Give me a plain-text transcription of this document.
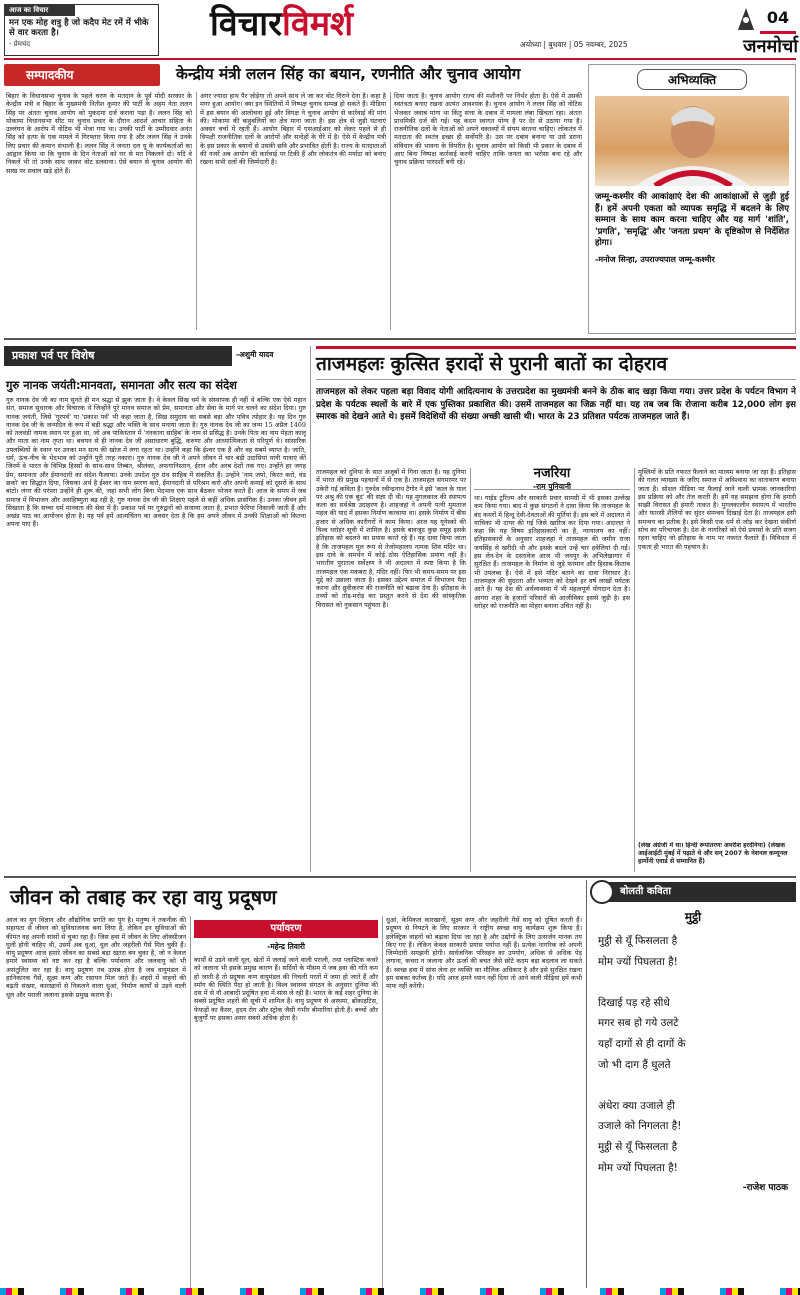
आज का विचार
मन एक मोह शत्रु है जो कदैप मेट रमें में भीके से वार करता है।
- प्रेमचंद	विचारविमर्श
अयोध्या | बुधवार | 05 नवम्बर, 2025
04
जनमोर्चा
सम्पादकीय	केन्द्रीय मंत्री ललन सिंह का बयान, रणनीति और चुनाव आयोग
बिहार के विधानसभा चुनाव के पहले चरण के मतदान के पूर्व मोदी सरकार के केन्द्रीय मंत्री व बिहार के मुख्यमंत्री नितीश कुमार की पार्टी के अहम नेता ललन सिंह पर अंततः चुनाव आयोग को मुकदमा दर्ज कराना पड़ा है। ललन सिंह को मोकामा विधानसभा सीट पर चुनाव प्रचार के दौरान आदर्श आचार संहिता के उल्लंघन के आरोप में नोटिस भी भेजा गया था। उनकी पार्टी के उम्मीदवार अनंत सिंह को हत्या के एक मामले में गिरफ्तार किया गया है और ललन सिंह ने उनके लिए प्रचार की कमान संभाली है। ललन सिंह ने जनता दल यू के कार्यकर्ताओं का आह्वान किया था कि चुनाव के दिन नेताओं को घर से मत निकलने दो। यदि वे निकलें भी तो उनके साथ जाकर वोट डलवाना। ऐसे बयान से चुनाव आयोग की साख पर सवाल खड़े होते हैं।
अगर ज्यादा हाथ पैर जोड़ेगा तो अपने साथ ले जा कर वोट गिराने देना है। कहा है मगर हुआ आयोग। क्या इन स्थितियों में निष्पक्ष चुनाव सम्पन्न हो सकते हैं। मीडिया में इस बयान की आलोचना हुई और विपक्ष ने चुनाव आयोग से कार्रवाई की मांग की। मोकामा की बाहुबलियों का क्षेत्र माना जाता है। इस क्षेत्र से जुड़ी घटनाएं अक्सर चर्चा में रहती हैं। आयोग बिहार में एसआईआर को लेकर पहले से ही विपक्षी राजनीतिक दलों के आरोपों और सन्देहों के घेरे में है। ऐसे में केन्द्रीय मंत्री के इस प्रकार के बयानों से उसकी छवि और प्रभावित होती है। राज्य के मतदाताओं की नजरें अब आयोग की कार्रवाई पर टिकी हैं और लोकतंत्र की मर्यादा को बनाए रखना सभी दलों की जिम्मेदारी है।
दिया जाता है। चुनाव आयोग राज्य की मशीनरी पर निर्भर होता है। ऐसे में उसकी स्वतंत्रता बनाए रखना अत्यंत आवश्यक है। चुनाव आयोग ने ललन सिंह को नोटिस भेजकर जवाब मांगा था किंतु सत्ता के दबाव में मामला लंबा खिंचता रहा। अंततः प्राथमिकी दर्ज की गई। यह कदम स्वागत योग्य है पर देर से उठाया गया है। राजनीतिक दलों के नेताओं को अपने वक्तव्यों में संयम बरतना चाहिए। लोकतंत्र में मतदाता की स्वतंत्र इच्छा ही सर्वोपरि है। उस पर दबाव बनाना या उसे डराना संविधान की भावना के विपरीत है। चुनाव आयोग को किसी भी प्रकार के दबाव में आए बिना निष्पक्ष कार्रवाई करनी चाहिए ताकि जनता का भरोसा बना रहे और चुनाव प्रक्रिया पारदर्शी बनी रहे।
अभिव्यक्ति
जम्मू-कश्मीर की आकांक्षाएं देश की आकांक्षाओं से जुड़ी हुई हैं। हमें अपनी एकता को व्यापक समृद्धि में बदलने के लिए सम्मान के साथ काम करना चाहिए और यह मार्ग 'शांति', 'प्रगति', 'समृद्धि' और 'जनता प्रथम' के दृष्टिकोण से निर्देशित होगा।
-मनोज सिन्हा, उपराज्यपाल जम्मू-कश्मीर
प्रकाश पर्व पर विशेष	-अशुमी यादव
गुरु नानक जयंती:मानवता, समानता और सत्य का संदेश
गुरु नानक देव जी का नाम सुनते ही मन श्रद्धा से झुक जाता है। वे केवल सिख धर्म के संस्थापक ही नहीं थे बल्कि एक ऐसे महान संत, समाज सुधारक और विचारक थे जिन्होंने पूरे मानव समाज को प्रेम, समानता और सेवा के मार्ग पर चलने का संदेश दिया। गुरु नानक जयंती, जिसे 'गुरपर्व' या 'प्रकाश पर्व' भी कहा जाता है, सिख समुदाय का सबसे बड़ा और पवित्र त्योहार है। यह दिन गुरु नानक देव जी के जन्मदिन के रूप में बड़ी श्रद्धा और भक्ति के साथ मनाया जाता है। गुरु नानक देव जी का जन्म 15 अप्रैल 1469 को तलवंडी नामक स्थान पर हुआ था, जो अब पाकिस्तान में 'ननकाना साहिब' के नाम से प्रसिद्ध है। उनके पिता का नाम मेहता कालू और माता का नाम तृप्ता था। बचपन से ही नानक देव जी असाधारण बुद्धि, करुणा और आध्यात्मिकता से परिपूर्ण थे। सांसारिक उपलब्धियों के स्थान पर उनका मन सत्य की खोज में लगा रहता था। उन्होंने कहा कि ईश्वर एक है और वह सबमें व्याप्त है। जाति, धर्म, ऊंच-नीच के भेदभाव को उन्होंने पूरी तरह नकारा। गुरु नानक देव जी ने अपने जीवन में चार बड़ी उदासियां यानी यात्राएं कीं जिनमें वे भारत के विभिन्न हिस्सों के साथ-साथ तिब्बत, श्रीलंका, अफगानिस्तान, ईरान और अरब देशों तक गए। उन्होंने हर जगह प्रेम, समानता और ईमानदारी का संदेश फैलाया। उनके उपदेश गुरु ग्रंथ साहिब में संकलित हैं। उन्होंने 'नाम जपो, किरत करो, वंड छको' का सिद्धांत दिया, जिसका अर्थ है ईश्वर का नाम स्मरण करो, ईमानदारी से परिश्रम करो और अपनी कमाई को दूसरों के साथ बांटो। लंगर की परंपरा उन्होंने ही शुरू की, जहां सभी लोग बिना भेदभाव एक साथ बैठकर भोजन करते हैं। आज के समय में जब समाज में विभाजन और असहिष्णुता बढ़ रही है, गुरु नानक देव जी की शिक्षाएं पहले से कहीं अधिक प्रासंगिक हैं। उनका जीवन हमें सिखाता है कि सच्चा धर्म मानवता की सेवा में है। प्रकाश पर्व पर गुरुद्वारों को सजाया जाता है, प्रभात फेरियां निकाली जाती हैं और अखंड पाठ का आयोजन होता है। यह पर्व हमें आत्मचिंतन का अवसर देता है कि हम अपने जीवन में उनकी शिक्षाओं को कितना अपना पाए हैं।
ताजमहलः कुत्सित इरादों से पुरानी बातों का दोहराव
ताजमहल को लेकर पहला बड़ा विवाद योगी आदित्यनाथ के उत्तरप्रदेश का मुख्यमंत्री बनने के ठीक बाद खड़ा किया गया। उत्तर प्रदेश के पर्यटन विभाग ने प्रदेश के पर्यटक स्थलों के बारे में एक पुस्तिका प्रकाशित की। उसमें ताजमहल का जिक्र नहीं था। यह तब जब कि रोजाना करीब 12,000 लोग इस स्मारक को देखने आते थे। इसमें विदेशियों की संख्या अच्छी खासी थी। भारत के 23 प्रतिशत पर्यटक ताजमहल जाते हैं।
ताजमहल को दुनिया के सात अजूबों में गिना जाता है। यह दुनिया में भारत की प्रमुख पहचानों में से एक है। ताजमहल संगमरमर पर उकेरी गई कविता है। गुरुदेव रवीन्द्रनाथ टैगोर ने इसे 'काल के गाल पर अश्रु की एक बूंद' की संज्ञा दी थी। यह मुगलकाल की स्थापत्य कला का सर्वश्रेष्ठ उदाहरण है। शाहजहां ने अपनी पत्नी मुमताज महल की याद में इसका निर्माण करवाया था। इसके निर्माण में बीस हजार से अधिक कारीगरों ने काम किया। आज यह यूनेस्को की विश्व धरोहर सूची में शामिल है। इसके बावजूद कुछ समूह इसके इतिहास को बदलने का प्रयास करते रहे हैं। यह दावा किया जाता है कि ताजमहल मूल रूप से तेजोमहालय नामक शिव मंदिर था। इस दावे के समर्थन में कोई ठोस ऐतिहासिक प्रमाण नहीं है। भारतीय पुरातत्व सर्वेक्षण ने भी अदालत में स्पष्ट किया है कि ताजमहल एक मकबरा है, मंदिर नहीं। फिर भी समय-समय पर इस मुद्दे को उछाला जाता है। इसका उद्देश्य समाज में विभाजन पैदा करना और ध्रुवीकरण की राजनीति को बढ़ावा देना है। इतिहास के तथ्यों को तोड़-मरोड़ कर प्रस्तुत करने से देश की सांस्कृतिक विरासत को नुकसान पहुंचता है।
नजरिया
-राम पुनियानी
था। गाईड टूरिज्म और सरकारी प्रचार सामग्री में भी इसका उल्लेख कम किया गया। बाद में कुछ संगठनों ने दावा किया कि ताजमहल के बंद कमरों में हिन्दू देवी-देवताओं की मूर्तियां हैं। इस बारे में अदालत में याचिका भी दायर की गई जिसे खारिज कर दिया गया। अदालत ने कहा कि यह विषय इतिहासकारों का है, न्यायालय का नहीं। इतिहासकारों के अनुसार शाहजहां ने ताजमहल की जमीन राजा जयसिंह से खरीदी थी और इसके बदले उन्हें चार हवेलियां दी गईं। इस लेन-देन के दस्तावेज आज भी जयपुर के अभिलेखागार में सुरक्षित हैं। ताजमहल के निर्माण से जुड़े फरमान और हिसाब-किताब भी उपलब्ध हैं। ऐसे में इसे मंदिर बताने का दावा निराधार है। ताजमहल की सुंदरता और भव्यता को देखने हर वर्ष लाखों पर्यटक आते हैं। यह देश की अर्थव्यवस्था में भी महत्वपूर्ण योगदान देता है। आगरा शहर के हजारों परिवारों की आजीविका इससे जुड़ी है। इस धरोहर को राजनीति का मोहरा बनाना उचित नहीं है।
मुस्लिमों के प्रति नफरत फैलाने का माध्यम बनाया जा रहा है। इतिहास की गलत व्याख्या के जरिए समाज में अविश्वास का वातावरण बनाया जाता है। सोशल मीडिया पर फैलाई जाने वाली भ्रामक जानकारियां इस प्रक्रिया को और तेज करती हैं। हमें यह समझना होगा कि हमारी साझी विरासत ही हमारी ताकत है। मुगलकालीन स्थापत्य में भारतीय और फारसी शैलियों का सुंदर समन्वय दिखाई देता है। ताजमहल इसी समन्वय का प्रतीक है। इसे किसी एक धर्म से जोड़ कर देखना संकीर्ण सोच का परिचायक है। देश के नागरिकों को ऐसे प्रयासों के प्रति सजग रहना चाहिए जो इतिहास के नाम पर नफरत फैलाते हैं। विविधता में एकता ही भारत की पहचान है।
(लेख अंग्रेजी में था। हिन्दी रूपांतरणः अमरीश हरदेनिया) (लेखक आईआईटी मुंबई में पढ़ाते थे और सन् 2007 के नेशनल कम्यूनल हार्मोनी एवार्ड से सम्मानित हैं)
जीवन को तबाह कर रहा वायु प्रदूषण
आज का युग विज्ञान और औद्योगिक प्रगति का युग है। मनुष्य ने तकनीक की सहायता से जीवन को सुविधाजनक बना लिया है, लेकिन इन सुविधाओं की कीमत वह अपनी सांसों से चुका रहा है। जिस हवा में जीवन के लिए ऑक्सीजन घुली होनी चाहिए थी, उसमें अब धुआं, धूल और जहरीली गैसें मिल चुकी हैं। वायु प्रदूषण आज हमारे जीवन का सबसे बड़ा खतरा बन चुका है, जो न केवल हमारे स्वास्थ्य को नष्ट कर रहा है बल्कि पर्यावरण और जलवायु को भी असंतुलित कर रहा है। वायु प्रदूषण तब उत्पन्न होता है जब वायुमंडल में हानिकारक गैसें, सूक्ष्म कण और रसायन मिल जाते हैं। शहरों में वाहनों की बढ़ती संख्या, कारखानों से निकलने वाला धुआं, निर्माण कार्यों से उड़ने वाली धूल और पराली जलाना इसके प्रमुख कारण हैं।
पर्यावरण
-महेन्द्र तिवारी
कार्यों से उड़ने वाली धूल, खेतों में जलाई जाने वाली पराली, तथा प्लास्टिक कचरे को जलाना भी इसके प्रमुख कारण हैं। सर्दियों के मौसम में जब हवा की गति कम हो जाती है तो प्रदूषक कण वायुमंडल की निचली परतों में जमा हो जाते हैं और स्मॉग की स्थिति पैदा हो जाती है। विश्व स्वास्थ्य संगठन के अनुसार दुनिया की दस में से नौ आबादी प्रदूषित हवा में सांस ले रही है। भारत के कई शहर दुनिया के सबसे प्रदूषित शहरों की सूची में शामिल हैं। वायु प्रदूषण से अस्थमा, ब्रोंकाइटिस, फेफड़ों का कैंसर, हृदय रोग और स्ट्रोक जैसी गंभीर बीमारियां होती हैं। बच्चों और बुजुर्गों पर इसका असर सबसे अधिक होता है।
धुआं, केमिकल कारखानों, सूक्ष्म कण और जहरीली गैसें वायु को दूषित करती हैं। प्रदूषण से निपटने के लिए सरकार ने राष्ट्रीय स्वच्छ वायु कार्यक्रम शुरू किया है। इलेक्ट्रिक वाहनों को बढ़ावा दिया जा रहा है और उद्योगों के लिए उत्सर्जन मानक तय किए गए हैं। लेकिन केवल सरकारी प्रयास पर्याप्त नहीं हैं। प्रत्येक नागरिक को अपनी जिम्मेदारी समझनी होगी। सार्वजनिक परिवहन का उपयोग, अधिक से अधिक पेड़ लगाना, कचरा न जलाना और ऊर्जा की बचत जैसे छोटे कदम बड़ा बदलाव ला सकते हैं। स्वच्छ हवा में सांस लेना हर व्यक्ति का मौलिक अधिकार है और इसे सुरक्षित रखना हम सबका कर्तव्य है। यदि आज हमने ध्यान नहीं दिया तो आने वाली पीढ़ियां हमें कभी माफ नहीं करेंगी।
बोलती कविता
मुट्ठी
मुट्ठी से यूँ फिसलता है
मोम ज्यों पिघलता है!

दिखाई पड़ रहे सीधे
मगर सब हो गये उलटे
यहाँ दागों से ही दागों के
जो भी दाग हैं धुलते

अंधेरा क्या उजाले ही
उजाले को निगलता है!
मुट्ठी से यूँ फिसलता है
मोम ज्यों पिघलता है!
-राजेश पाठक
